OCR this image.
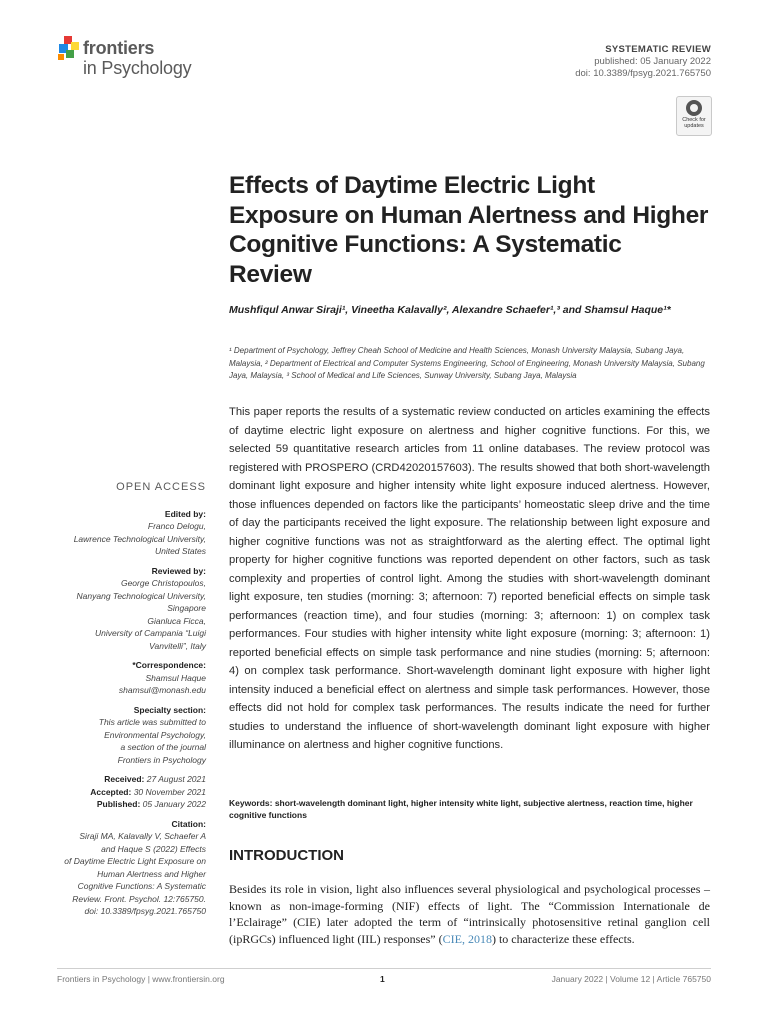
frontiers
in Psychology
SYSTEMATIC REVIEW
published: 05 January 2022
doi: 10.3389/fpsyg.2021.765750
Check for updates
Effects of Daytime Electric Light Exposure on Human Alertness and Higher Cognitive Functions: A Systematic Review
Mushfiqul Anwar Siraji¹, Vineetha Kalavally², Alexandre Schaefer¹,³ and Shamsul Haque¹*
¹ Department of Psychology, Jeffrey Cheah School of Medicine and Health Sciences, Monash University Malaysia, Subang Jaya, Malaysia, ² Department of Electrical and Computer Systems Engineering, School of Engineering, Monash University Malaysia, Subang Jaya, Malaysia, ³ School of Medical and Life Sciences, Sunway University, Subang Jaya, Malaysia
This paper reports the results of a systematic review conducted on articles examining the effects of daytime electric light exposure on alertness and higher cognitive functions. For this, we selected 59 quantitative research articles from 11 online databases. The review protocol was registered with PROSPERO (CRD42020157603). The results showed that both short-wavelength dominant light exposure and higher intensity white light exposure induced alertness. However, those influences depended on factors like the participants’ homeostatic sleep drive and the time of day the participants received the light exposure. The relationship between light exposure and higher cognitive functions was not as straightforward as the alerting effect. The optimal light property for higher cognitive functions was reported dependent on other factors, such as task complexity and properties of control light. Among the studies with short-wavelength dominant light exposure, ten studies (morning: 3; afternoon: 7) reported beneficial effects on simple task performances (reaction time), and four studies (morning: 3; afternoon: 1) on complex task performances. Four studies with higher intensity white light exposure (morning: 3; afternoon: 1) reported beneficial effects on simple task performance and nine studies (morning: 5; afternoon: 4) on complex task performance. Short-wavelength dominant light exposure with higher light intensity induced a beneficial effect on alertness and simple task performances. However, those effects did not hold for complex task performances. The results indicate the need for further studies to understand the influence of short-wavelength dominant light exposure with higher illuminance on alertness and higher cognitive functions.
Keywords: short-wavelength dominant light, higher intensity white light, subjective alertness, reaction time, higher cognitive functions
INTRODUCTION
Besides its role in vision, light also influences several physiological and psychological processes – known as non-image-forming (NIF) effects of light. The “Commission Internationale de l’Eclairage” (CIE) later adopted the term of “intrinsically photosensitive retinal ganglion cell (ipRGCs) influenced light (IIL) responses” (CIE, 2018) to characterize these effects.
OPEN ACCESS
Edited by:
Franco Delogu,
Lawrence Technological University,
United States
Reviewed by:
George Christopoulos,
Nanyang Technological University,
Singapore
Gianluca Ficca,
University of Campania “Luigi
Vanvitelli”, Italy
*Correspondence:
Shamsul Haque
shamsul@monash.edu
Specialty section:
This article was submitted to
Environmental Psychology,
a section of the journal
Frontiers in Psychology
Received: 27 August 2021
Accepted: 30 November 2021
Published: 05 January 2022
Citation:
Siraji MA, Kalavally V, Schaefer A
and Haque S (2022) Effects
of Daytime Electric Light Exposure on
Human Alertness and Higher
Cognitive Functions: A Systematic
Review. Front. Psychol. 12:765750.
doi: 10.3389/fpsyg.2021.765750
Frontiers in Psychology | www.frontiersin.org	1	January 2022 | Volume 12 | Article 765750
